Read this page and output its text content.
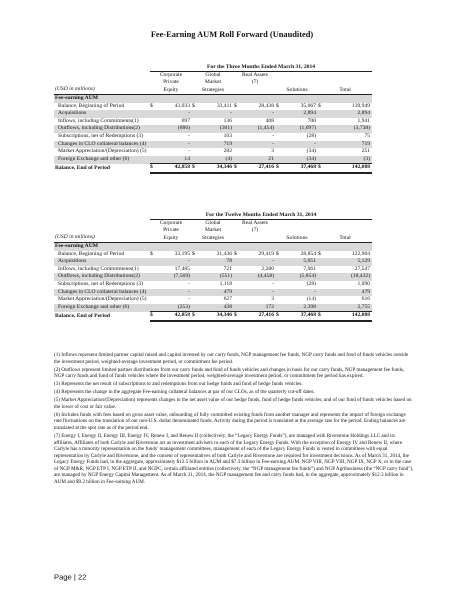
Fee-Earning AUM Roll Forward (Unaudited)
	For the Three Months Ended March 31, 2014									
	Corporate		Global		Real Assets					
	Private		Market		(7)					
(USD in millions)	Equity		Strategies				Solutions		Total	
Fee-earning AUM										
Balance, Beginning of Period	$	43,033	$	33,411	$	28,438	$	35,067	$	139,949
Acquisitions		-		-		-		2,894		2,894
Inflows, including Commitments(1)		697		136		408		700		1,941
Outflows, including Distributions(2)		(886)		(301)		(1,454)		(1,097)		(3,738)
Subscriptions, net of Redemptions (3)		-		103		-		(28)		75
Changes in CLO collateral balances (4)		-		719		-		-		719
Market Appreciation/(Depreciation) (5)		-		282		3		(34)		251
Foreign Exchange and other (6)		14		(4)		21		(34)		(3)
Balance, End of Period	$	42,858	$	34,346	$	27,416	$	37,468	$	142,088
	For the Twelve Months Ended March 31, 2014									
	Corporate		Global		Real Assets					
	Private		Market		(7)					
(USD in millions)	Equity		Strategies				Solutions		Total	
Fee-earning AUM										
Balance, Beginning of Period	$	33,195	$	31,436	$	29,419	$	28,854	$	122,904
Acquisitions		-		78		-		5,051		5,129
Inflows, including Commitments(1)		17,485		721		2,280		7,061		27,547
Outflows, including Distributions(2)		(7,569)		(551)		(4,458)		(5,854)		(18,432)
Subscriptions, net of Redemptions (3)		-		1,118		-		(28)		1,090
Changes in CLO collateral balances (4)		-		479		-		-		479
Market Appreciation/(Depreciation) (5)		-		627		3		(14)		616
Foreign Exchange and other (6)		(253)		438		172		2,398		2,755
Balance, End of Period	$	42,858	$	34,346	$	27,416	$	37,468	$	142,088

(1) Inflows represent limited partner capital raised and capital invested by our carry funds, NGP management fee funds, NGP carry funds and fund of funds vehicles outside the investment period, weighted-average investment period, or commitment fee period.

(2) Outflows represent limited partner distributions from our carry funds and fund of funds vehicles and changes in basis for our carry funds, NGP management fee funds, NGP carry funds and fund of funds vehicles where the investment period, weighted-average investment period, or commitment fee period has expired.

(3) Represents the net result of subscriptions to and redemptions from our hedge funds and fund of hedge funds vehicles.

(4) Represents the change in the aggregate Fee-earning collateral balances at par of our CLOs, as of the quarterly cut-off dates.

(5) Market Appreciation/(Depreciation) represents changes in the net asset value of our hedge funds, fund of hedge funds vehicles, and of our fund of funds vehicles based on the lower of cost or fair value.

(6) Includes funds with fees based on gross asset value, onboarding of fully committed existing funds from another manager and represents the impact of foreign exchange rate fluctuations on the translation of our non-U.S. dollar denominated funds. Activity during the period is translated at the average rate for the period. Ending balances are translated at the spot rate as of the period end.

(7) Energy I, Energy II, Energy III, Energy IV, Renew I, and Renew II (collectively, the “Legacy Energy Funds”), are managed with Riverstone Holdings LLC and its affiliates. Affiliates of both Carlyle and Riverstone act as investment advisers to each of the Legacy Energy Funds. With the exception of Energy IV and Renew II, where Carlyle has a minority representation on the funds’ management committees, management of each of the Legacy Energy Funds is vested in committees with equal representation by Carlyle and Riverstone, and the consent of representatives of both Carlyle and Riverstone are required for investment decisions. As of March 31, 2014, the Legacy Energy Funds had, in the aggregate, approximately $12.5 billion in AUM and $7.3 billion in Fee-earning AUM. NGP VIII, NGP VIII, NGP IX, NGP X, or in the case of NGP M&R, NGP ETP I, NGP ETP II, and NGPC, certain affiliated entities (collectively, the “NGP management fee funds”) and NGP Agribusiness (the “NGP carry fund”), are managed by NGP Energy Capital Management. As of March 31, 2014, the NGP management fee and carry funds had, in the aggregate, approximately $12.3 billion in AUM and $9.2 billion in Fee-earning AUM.

Page | 22
